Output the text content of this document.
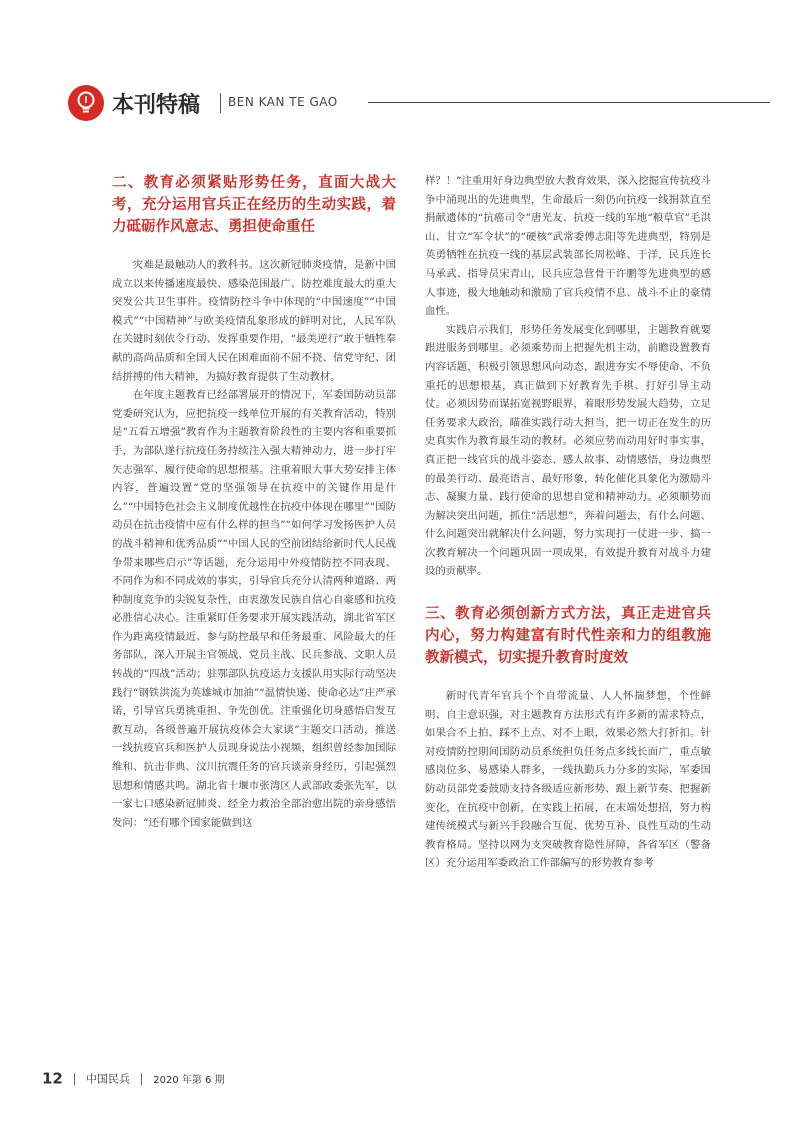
本刊特稿 BEN KAN TE GAO
二、教育必须紧贴形势任务，直面大战大考，充分运用官兵正在经历的生动实践，着力砥砺作风意志、勇担使命重任

灾难是最触动人的教科书。这次新冠肺炎疫情，是新中国成立以来传播速度最快、感染范围最广、防控难度最大的重大突发公共卫生事件。疫情防控斗争中体现的“中国速度”“中国模式”“中国精神”与欧美疫情乱象形成的鲜明对比，人民军队在关键时刻依令行动、发挥重要作用，“最美逆行”敢于牺牲奉献的高尚品质和全国人民在困难面前不屈不挠、信党守纪、团结拼搏的伟大精神，为搞好教育提供了生动教材。

在年度主题教育已经部署展开的情况下，军委国防动员部党委研究认为，应把抗疫一线单位开展的有关教育活动，特别是“五看五增强”教育作为主题教育阶段性的主要内容和重要抓手，为部队遂行抗疫任务持续注入强大精神动力，进一步打牢矢志强军、履行使命的思想根基。注重着眼大事大势安排主体内容，普遍设置“党的坚强领导在抗疫中的关键作用是什么”“中国特色社会主义制度优越性在抗疫中体现在哪里”“国防动员在抗击疫情中应有什么样的担当”“如何学习发扬医护人员的战斗精神和优秀品质”“中国人民的空前团结给新时代人民战争带来哪些启示”等话题，充分运用中外疫情防控不同表现、不同作为和不同成效的事实，引导官兵充分认清两种道路、两种制度竞争的尖锐复杂性，由衷激发民族自信心自豪感和抗疫必胜信心决心。注重紧盯任务要求开展实践活动，湖北省军区作为距离疫情最近、参与防控最早和任务最重、风险最大的任务部队，深入开展主官领战、党员主战、民兵参战、文职人员转战的“四战”活动；驻鄂部队抗疫运力支援队用实际行动坚决践行“钢铁洪流为英雄城市加油”“温情快递、使命必达”庄严承诺，引导官兵勇挑重担、争先创优。注重强化切身感悟启发互教互动，各级普遍开展抗疫体会大家谈”主题交口活动，推送一线抗疫官兵和医护人员现身说法小视频，组织曾经参加国际维和、抗击非典、汶川抗震任务的官兵谈亲身经历，引起强烈思想和情感共鸣。湖北省十堰市张湾区人武部政委张先军，以一家七口感染新冠肺炎、经全力救治全部治愈出院的亲身感悟发问：“还有哪个国家能做到这

样？！”注重用好身边典型放大教育效果，深入挖掘宣传抗疫斗争中涌现出的先进典型，生命最后一刻仍向抗疫一线捐款直至捐献遗体的“抗癌司令”唐光友、抗疫一线的军地“粮草官”毛洪山、甘立“军令状”的“硬核”武常委傅志阳等先进典型，特别是英勇牺牲在抗疫一线的基层武装部长周松峰、于洋，民兵连长马承武、指导员宋青山，民兵应急营骨干许鹏等先进典型的感人事迹，极大地触动和激励了官兵疫情不息、战斗不止的豪情血性。

实践启示我们，形势任务发展变化到哪里，主题教育就要跟进服务到哪里。必须乘势而上把握先机主动，前瞻设置教育内容话题，积极引领思想风向动态，跟进夯实不辱使命、不负重托的思想根基，真正做到下好教育先手棋、打好引导主动仗。必须因势而谋拓宽视野眼界，着眼形势发展大趋势，立足任务要求大政治，瞄准实践行动大担当，把一切正在发生的历史真实作为教育最生动的教材。必须应势而动用好时事实事，真正把一线官兵的战斗姿态、感人故事、动情感悟，身边典型的最美行动、最亮语言、最好形象，转化催化具象化为激励斗志、凝聚力量、践行使命的思想自觉和精神动力。必须顺势而为解决突出问题，抓住“活思想”，奔着问题去，有什么问题、什么问题突出就解决什么问题，努力实现打一仗进一步、搞一次教育解决一个问题巩固一项成果，有效提升教育对战斗力建设的贡献率。

三、教育必须创新方式方法，真正走进官兵内心，努力构建富有时代性亲和力的组教施教新模式，切实提升教育时度效

新时代青年官兵个个自带流量、人人怀揣梦想，个性鲜明、自主意识强，对主题教育方法形式有许多新的需求特点，如果合不上拍、踩不上点、对不上眼，效果必然大打折扣。针对疫情防控期间国防动员系统担负任务点多线长面广，重点敏感岗位多、易感染人群多，一线执勤兵力分多的实际，军委国防动员部党委鼓励支持各级适应新形势、跟上新节奏、把握新变化，在抗疫中创新，在实践上拓展，在末端处想招，努力构建传统模式与新兴手段融合互促、优势互补、良性互动的生动教育格局。坚持以网为支突破教育隐性屏障，各省军区（警备区）充分运用军委政治工作部编写的形势教育参考

12 中国民兵 2020 年第 6 期
